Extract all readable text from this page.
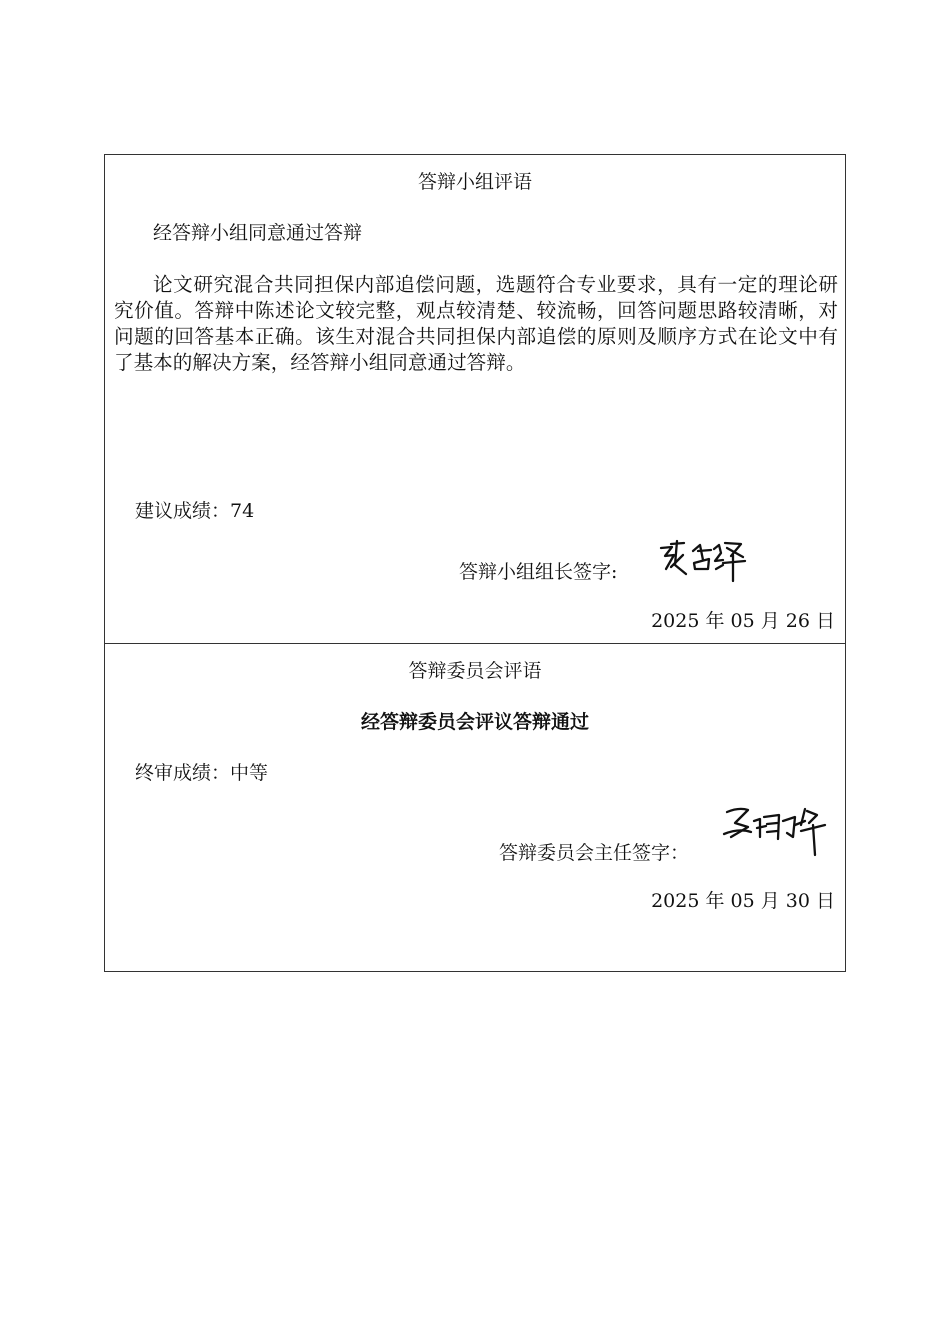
答辩小组评语
经答辩小组同意通过答辩
论文研究混合共同担保内部追偿问题，选题符合专业要求，具有一定的理论研究价值。答辩中陈述论文较完整，观点较清楚、较流畅，回答问题思路较清晰，对问题的回答基本正确。该生对混合共同担保内部追偿的原则及顺序方式在论文中有了基本的解决方案，经答辩小组同意通过答辩。
建议成绩：74
答辩小组组长签字:
2025 年 05 月 26 日
答辩委员会评语
经答辩委员会评议答辩通过
终审成绩：中等
答辩委员会主任签字：
2025 年 05 月 30 日
